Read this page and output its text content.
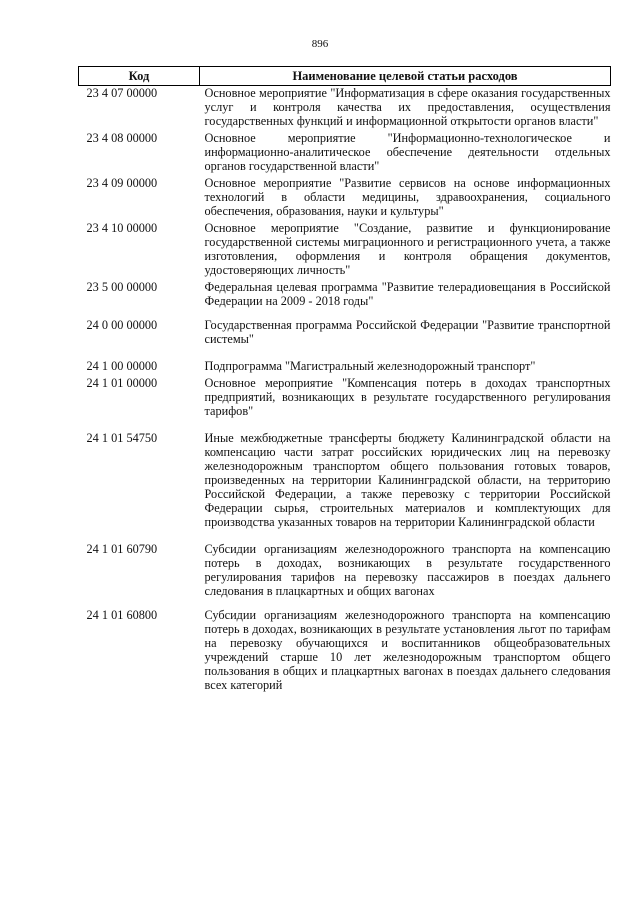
896
Код	Наименование целевой статьи расходов
23 4 07 00000	Основное мероприятие "Информатизация в сфере оказания государственных услуг и контроля качества их предоставления, осуществления государственных функций и информационной открытости органов власти"
23 4 08 00000	Основное мероприятие "Информационно-технологическое и информационно-аналитическое обеспечение деятельности отдельных органов государственной власти"
23 4 09 00000	Основное мероприятие "Развитие сервисов на основе информационных технологий в области медицины, здравоохранения, социального обеспечения, образования, науки и культуры"
23 4 10 00000	Основное мероприятие "Создание, развитие и функционирование государственной системы миграционного и регистрационного учета, а также изготовления, оформления и контроля обращения документов, удостоверяющих личность"
23 5 00 00000	Федеральная целевая программа "Развитие телерадиовещания в Российской Федерации на 2009 - 2018 годы"
24 0 00 00000	Государственная программа Российской Федерации "Развитие транспортной системы"
24 1 00 00000	Подпрограмма "Магистральный железнодорожный транспорт"
24 1 01 00000	Основное мероприятие "Компенсация потерь в доходах транспортных предприятий, возникающих в результате государственного регулирования тарифов"
24 1 01 54750	Иные межбюджетные трансферты бюджету Калининградской области на компенсацию части затрат российских юридических лиц на перевозку железнодорожным транспортом общего пользования готовых товаров, произведенных на территории Калининградской области, на территорию Российской Федерации, а также перевозку с территории Российской Федерации сырья, строительных материалов и комплектующих для производства указанных товаров на территории Калининградской области
24 1 01 60790	Субсидии организациям железнодорожного транспорта на компенсацию потерь в доходах, возникающих в результате государственного регулирования тарифов на перевозку пассажиров в поездах дальнего следования в плацкартных и общих вагонах
24 1 01 60800	Субсидии организациям железнодорожного транспорта на компенсацию потерь в доходах, возникающих в результате установления льгот по тарифам на перевозку обучающихся и воспитанников общеобразовательных учреждений старше 10 лет железнодорожным транспортом общего пользования в общих и плацкартных вагонах в поездах дальнего следования всех категорий
